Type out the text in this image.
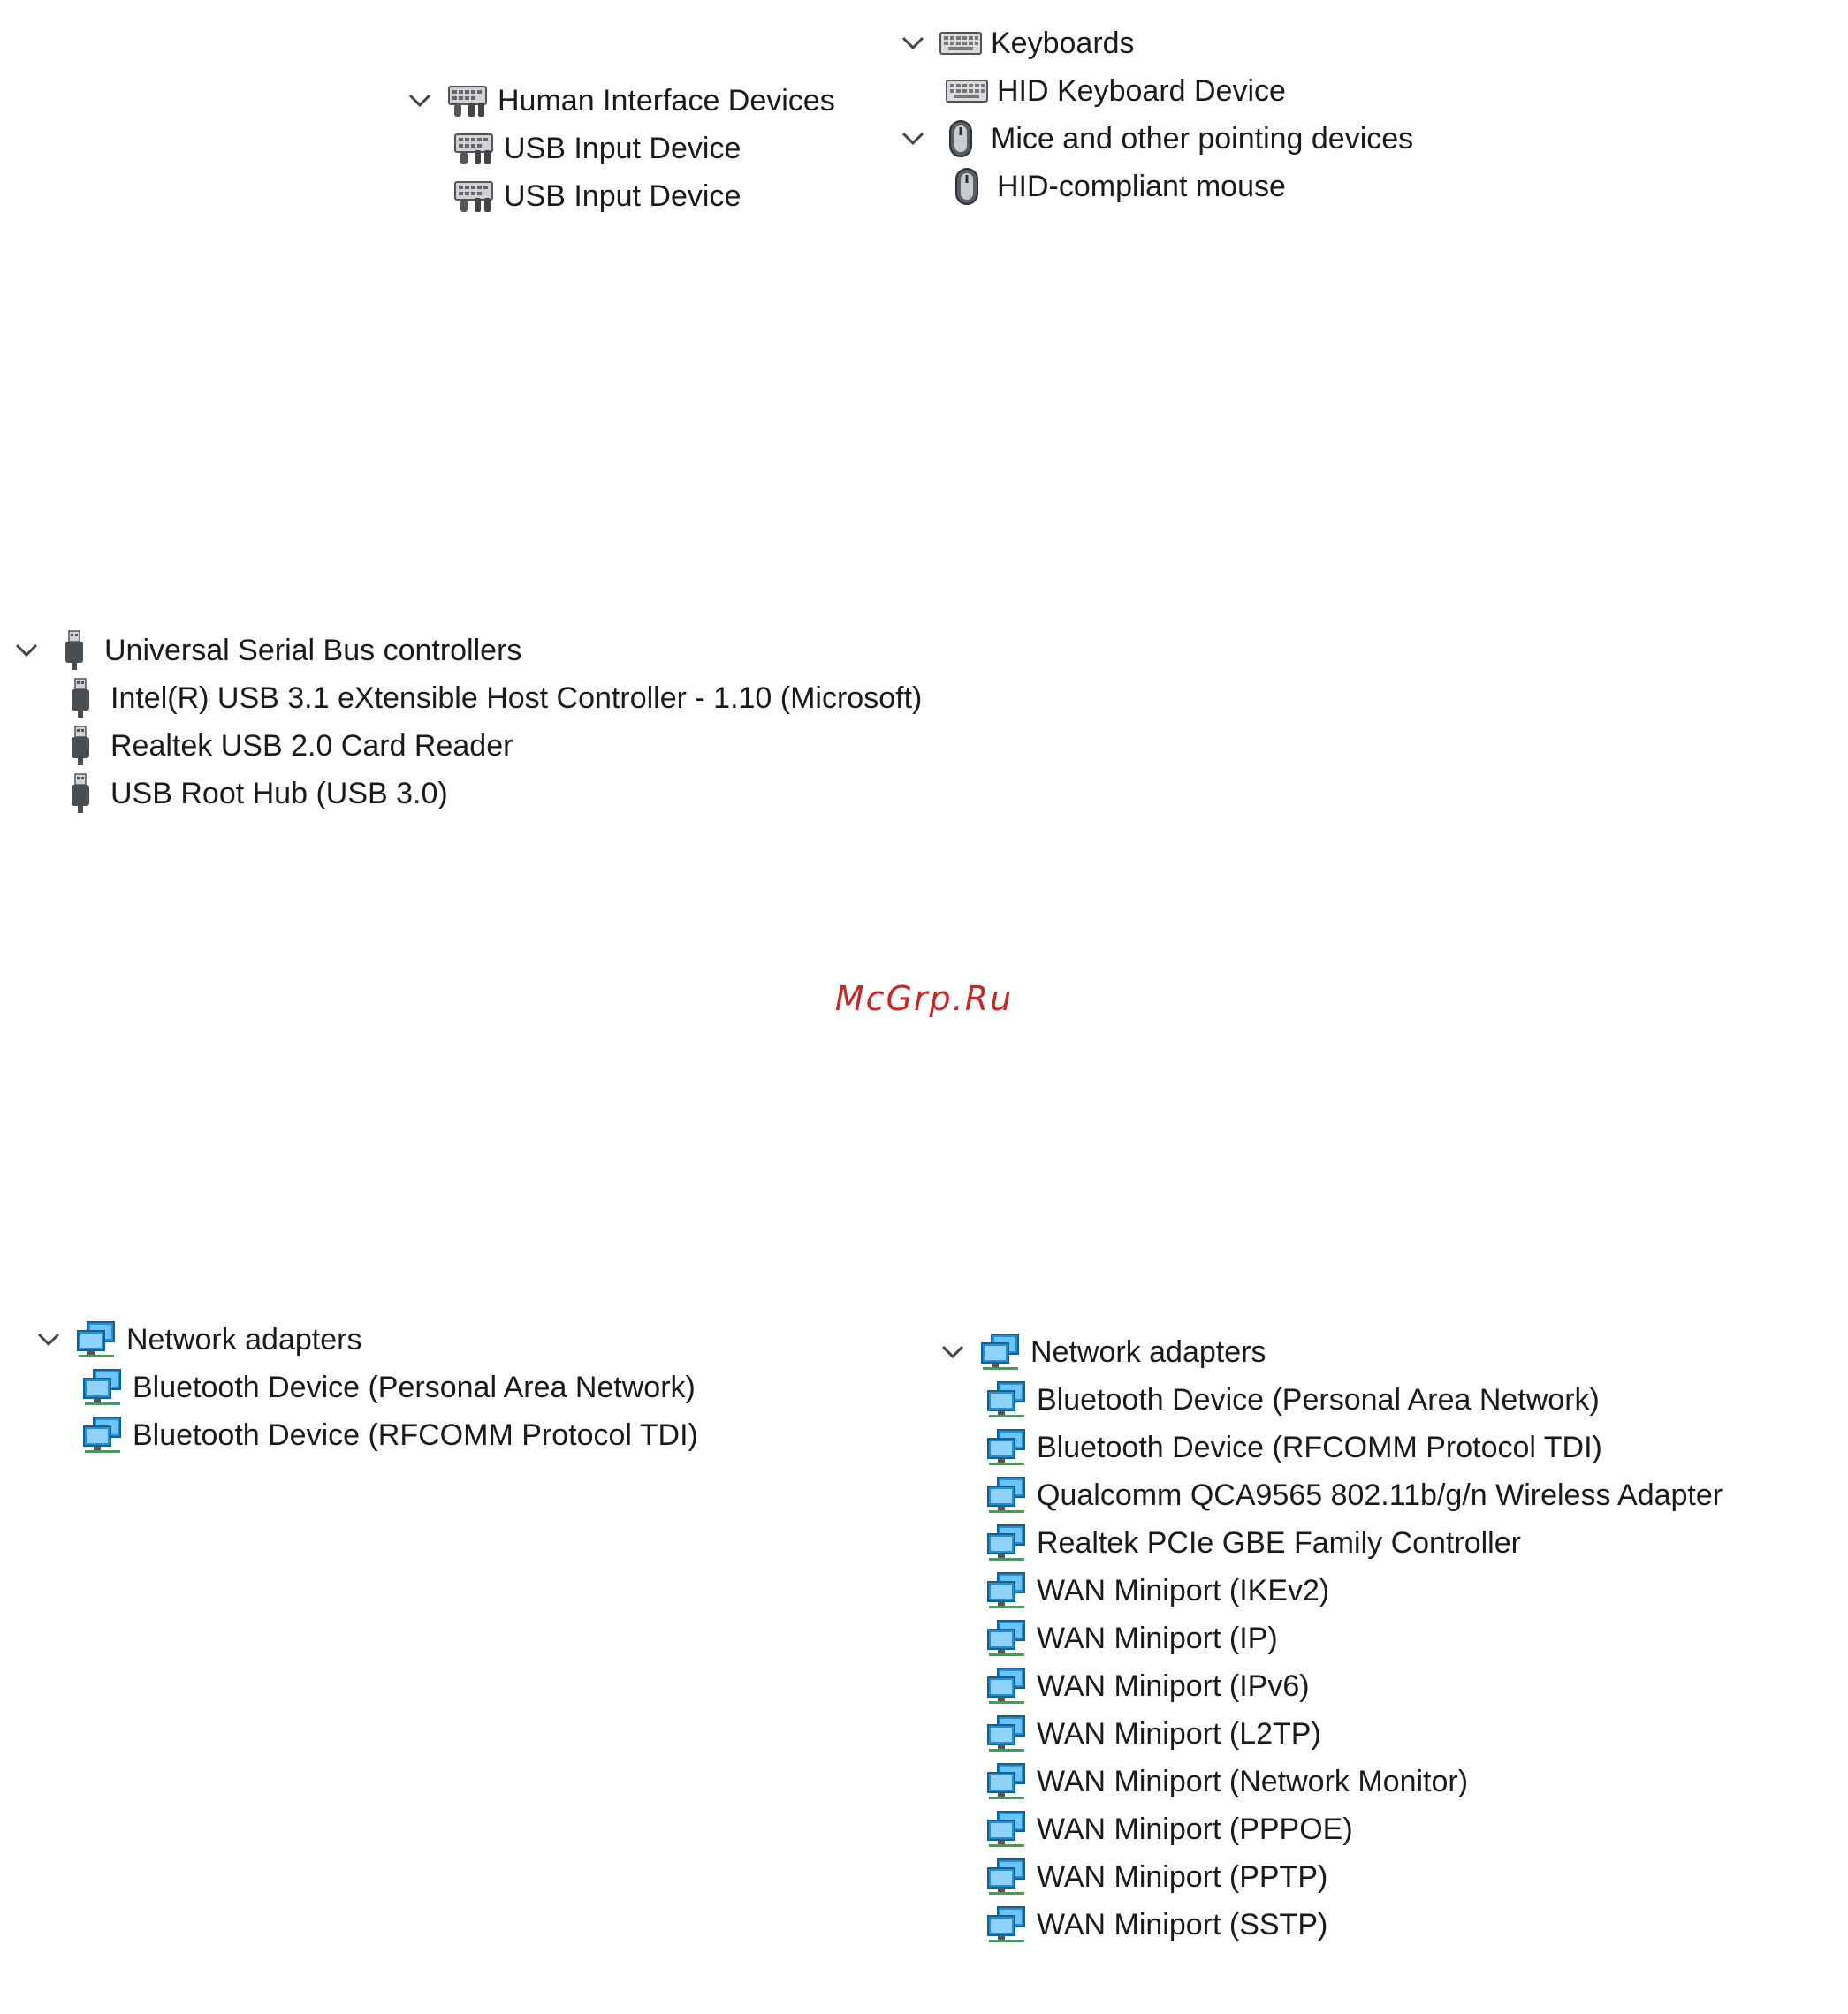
Human Interface Devices
USB Input Device
USB Input Device
Keyboards
HID Keyboard Device
Mice and other pointing devices
HID-compliant mouse
Universal Serial Bus controllers
Intel(R) USB 3.1 eXtensible Host Controller - 1.10 (Microsoft)
Realtek USB 2.0 Card Reader
USB Root Hub (USB 3.0)
McGrp.Ru
Network adapters
Bluetooth Device (Personal Area Network)
Bluetooth Device (RFCOMM Protocol TDI)
Network adapters
Bluetooth Device (Personal Area Network)
Bluetooth Device (RFCOMM Protocol TDI)
Qualcomm QCA9565 802.11b/g/n Wireless Adapter
Realtek PCIe GBE Family Controller
WAN Miniport (IKEv2)
WAN Miniport (IP)
WAN Miniport (IPv6)
WAN Miniport (L2TP)
WAN Miniport (Network Monitor)
WAN Miniport (PPPOE)
WAN Miniport (PPTP)
WAN Miniport (SSTP)
